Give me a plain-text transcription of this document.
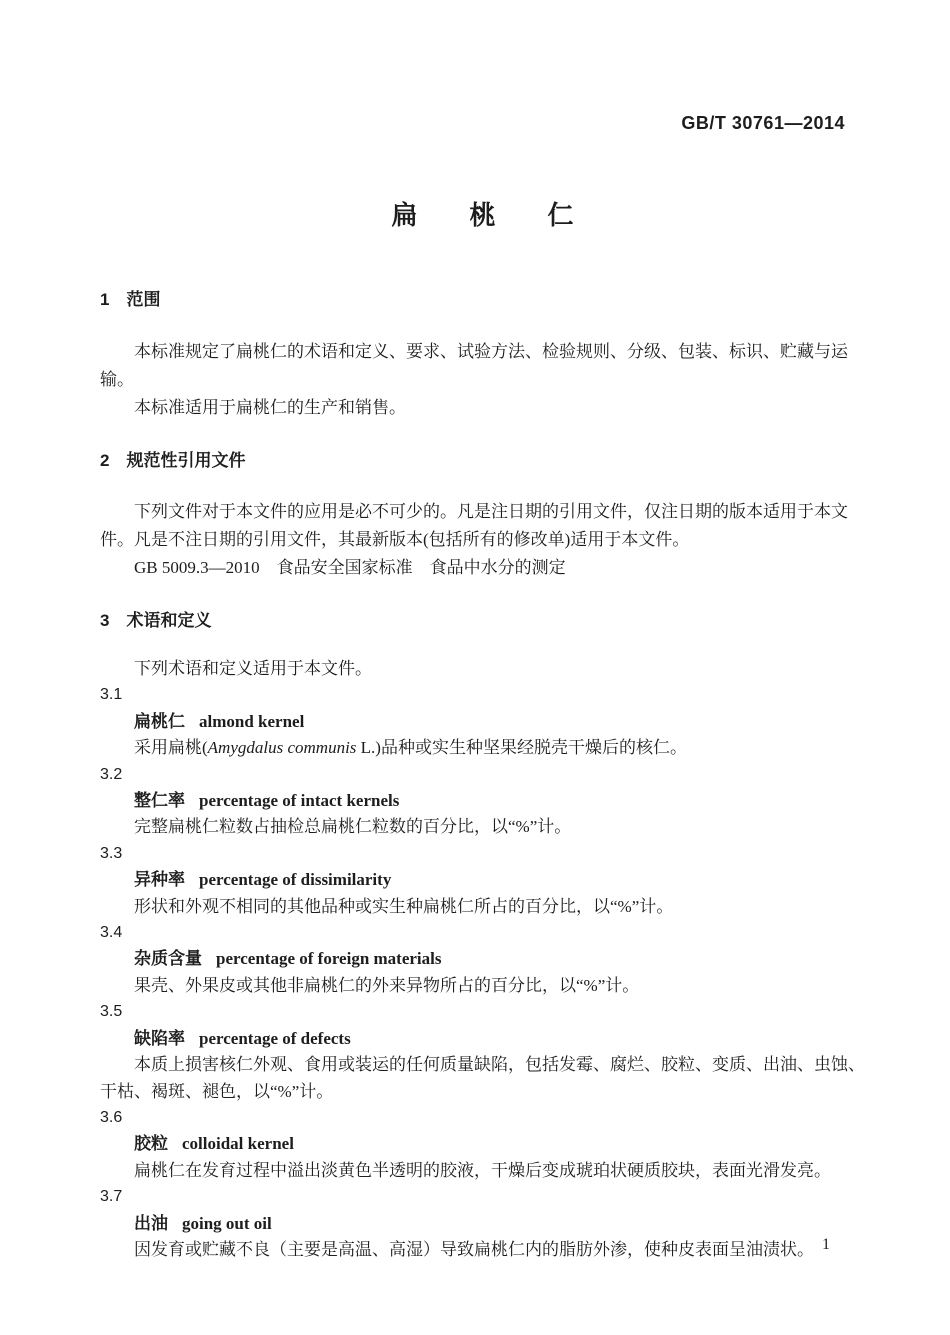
GB/T 30761—2014
扁桃仁
1 范围

本标准规定了扁桃仁的术语和定义、要求、试验方法、检验规则、分级、包装、标识、贮藏与运输。

本标准适用于扁桃仁的生产和销售。

2 规范性引用文件

下列文件对于本文件的应用是必不可少的。凡是注日期的引用文件，仅注日期的版本适用于本文件。凡是不注日期的引用文件，其最新版本(包括所有的修改单)适用于本文件。

GB 5009.3—2010　食品安全国家标准　食品中水分的测定

3 术语和定义

下列术语和定义适用于本文件。

3.1

扁桃仁 almond kernel

采用扁桃(Amygdalus communis L.)品种或实生种坚果经脱壳干燥后的核仁。

3.2

整仁率 percentage of intact kernels

完整扁桃仁粒数占抽检总扁桃仁粒数的百分比，以“%”计。

3.3

异种率 percentage of dissimilarity

形状和外观不相同的其他品种或实生种扁桃仁所占的百分比，以“%”计。

3.4

杂质含量 percentage of foreign materials

果壳、外果皮或其他非扁桃仁的外来异物所占的百分比，以“%”计。

3.5

缺陷率 percentage of defects

本质上损害核仁外观、食用或装运的任何质量缺陷，包括发霉、腐烂、胶粒、变质、出油、虫蚀、干枯、褐斑、褪色，以“%”计。

3.6

胶粒 colloidal kernel

扁桃仁在发育过程中溢出淡黄色半透明的胶液，干燥后变成琥珀状硬质胶块，表面光滑发亮。

3.7

出油 going out oil

因发育或贮藏不良（主要是高温、高湿）导致扁桃仁内的脂肪外渗，使种皮表面呈油渍状。 1
